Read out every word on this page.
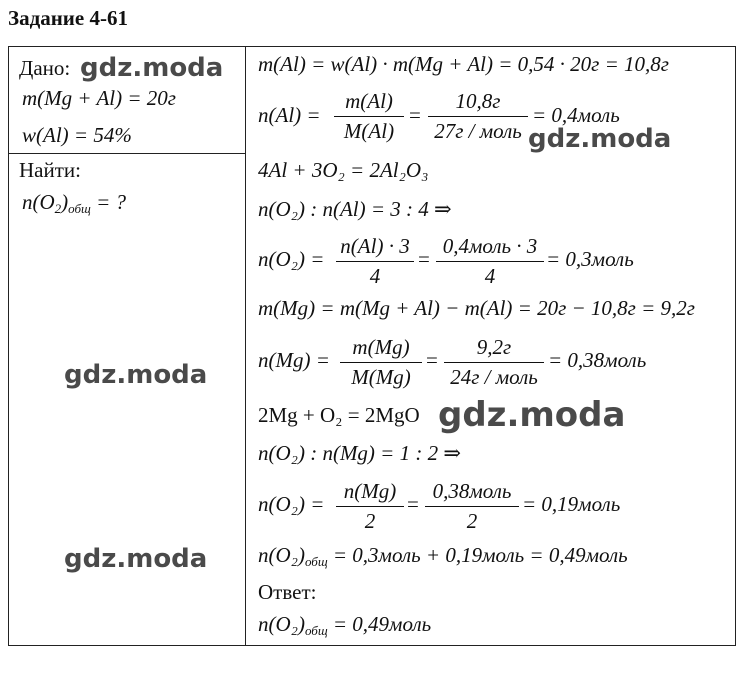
Задание 4-61
Дано:
m(Mg + Al) = 20г
w(Al) = 54%
Найти:
$n(O_2)_{общ}$ = ?
m(Al) = w(Al) · m(Mg + Al) = 0,54 · 20г = 10,8г
n(Al) =
m(Al)
M(Al)
=
10,8г
27г / моль
= 0,4моль
4Al + 3O₂ = 2Al₂O₃
n(O₂) : n(Al) = 3 : 4 ⇒
n(O₂) =
n(Al) · 3
4
=
0,4моль · 3
4
= 0,3моль
m(Mg) = m(Mg + Al) − m(Al) = 20г − 10,8г = 9,2г
n(Mg) =
m(Mg)
M(Mg)
=
9,2г
24г / моль
= 0,38моль
2Mg + O₂ = 2MgO
n(O₂) : n(Mg) = 1 : 2 ⇒
n(O₂) =
n(Mg)
2
=
0,38моль
2
= 0,19моль
$n(O_2)_{общ}$ = 0,3моль + 0,19моль = 0,49моль
Ответ:
$n(O_2)_{общ}$ = 0,49моль
gdz.moda
gdz.moda
gdz.moda
gdz.moda
gdz.moda
